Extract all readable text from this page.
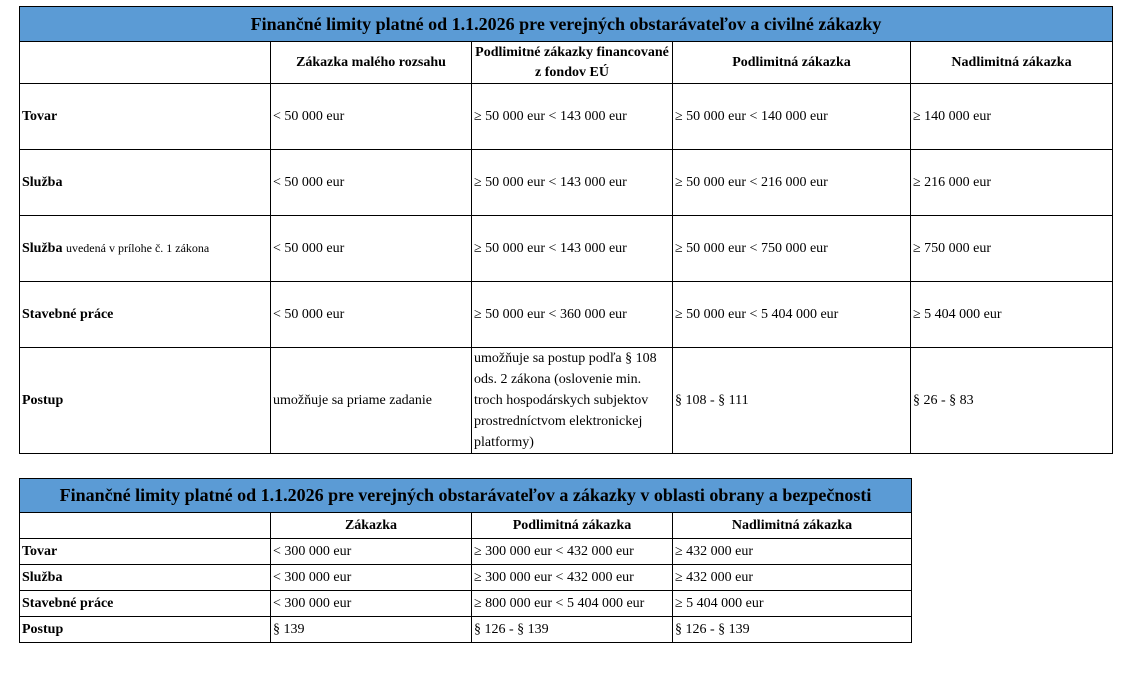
Finančné limity platné od 1.1.2026 pre verejných obstarávateľov a civilné zákazky				
	Zákazka malého rozsahu	Podlimitné zákazky financované z fondov EÚ	Podlimitná zákazka	Nadlimitná zákazka
Tovar	< 50 000 eur	≥ 50 000 eur < 143 000 eur	≥ 50 000 eur < 140 000 eur	≥ 140 000 eur
Služba	< 50 000 eur	≥ 50 000 eur < 143 000 eur	≥ 50 000 eur < 216 000 eur	≥ 216 000 eur
Služba uvedená v prílohe č. 1 zákona	< 50 000 eur	≥ 50 000 eur < 143 000 eur	≥ 50 000 eur < 750 000 eur	≥ 750 000 eur
Stavebné práce	< 50 000 eur	≥ 50 000 eur < 360 000 eur	≥ 50 000 eur < 5 404 000 eur	≥ 5 404 000 eur
Postup	umožňuje sa priame zadanie	umožňuje sa postup podľa § 108 ods. 2 zákona (oslovenie min. troch hospodárskych subjektov prostredníctvom elektronickej platformy)	§ 108 - § 111	§ 26 - § 83
Finančné limity platné od 1.1.2026 pre verejných obstarávateľov a zákazky v oblasti obrany a bezpečnosti			
	Zákazka	Podlimitná zákazka	Nadlimitná zákazka
Tovar	< 300 000 eur	≥ 300 000 eur < 432 000 eur	≥ 432 000 eur
Služba	< 300 000 eur	≥ 300 000 eur < 432 000 eur	≥ 432 000 eur
Stavebné práce	< 300 000 eur	≥ 800 000 eur < 5 404 000 eur	≥ 5 404 000 eur
Postup	§ 139	§ 126 - § 139	§ 126 - § 139
